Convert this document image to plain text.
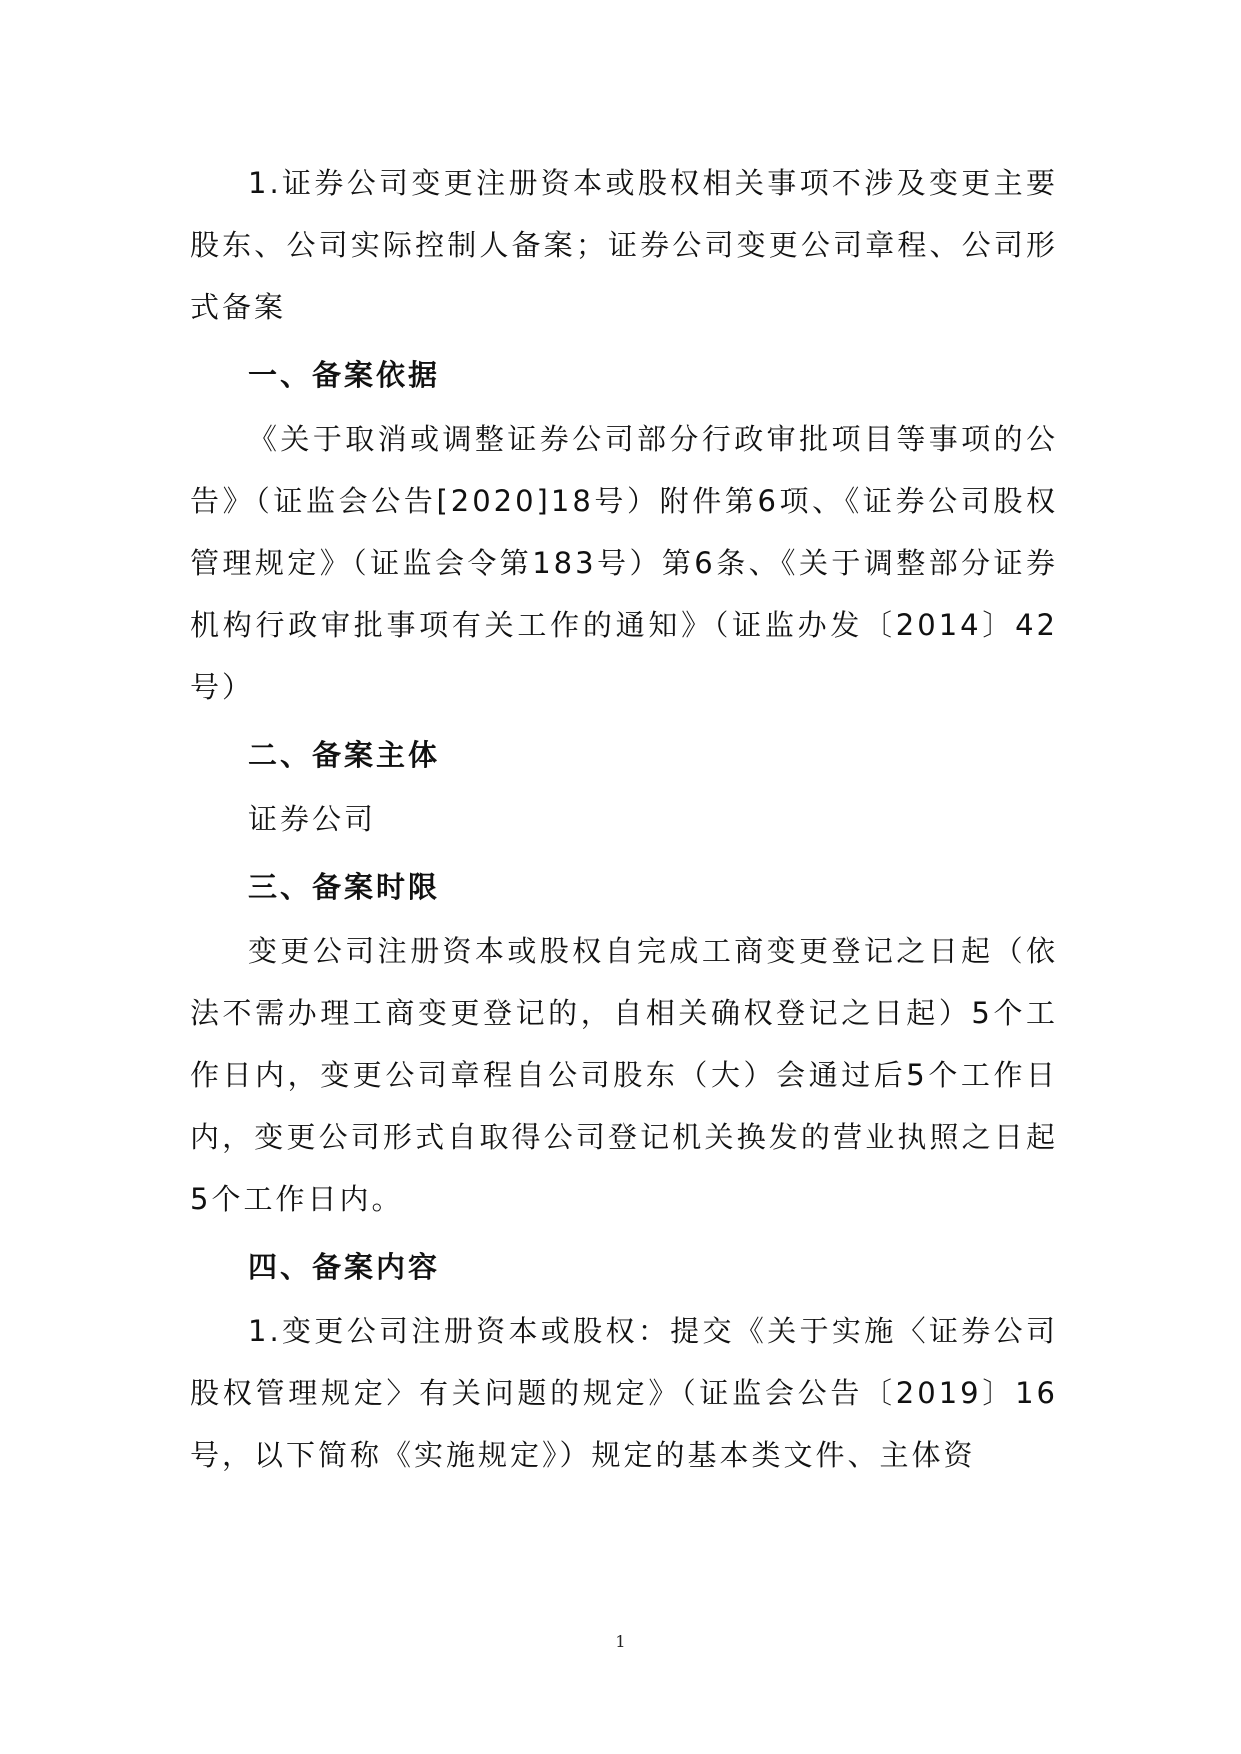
1.证券公司变更注册资本或股权相关事项不涉及变更主要股东、公司实际控制人备案；证券公司变更公司章程、公司形式备案

一、备案依据

《关于取消或调整证券公司部分行政审批项目等事项的公告》（证监会公告[2020]18号）附件第6项、《证券公司股权管理规定》（证监会令第183号）第6条、《关于调整部分证券机构行政审批事项有关工作的通知》（证监办发〔2014〕42号）

二、备案主体

证券公司

三、备案时限

变更公司注册资本或股权自完成工商变更登记之日起（依法不需办理工商变更登记的，自相关确权登记之日起）5个工作日内，变更公司章程自公司股东（大）会通过后5个工作日内，变更公司形式自取得公司登记机关换发的营业执照之日起5个工作日内。

四、备案内容

1.变更公司注册资本或股权：提交《关于实施〈证券公司股权管理规定〉有关问题的规定》（证监会公告〔2019〕16号，以下简称《实施规定》）规定的基本类文件、主体资

1
